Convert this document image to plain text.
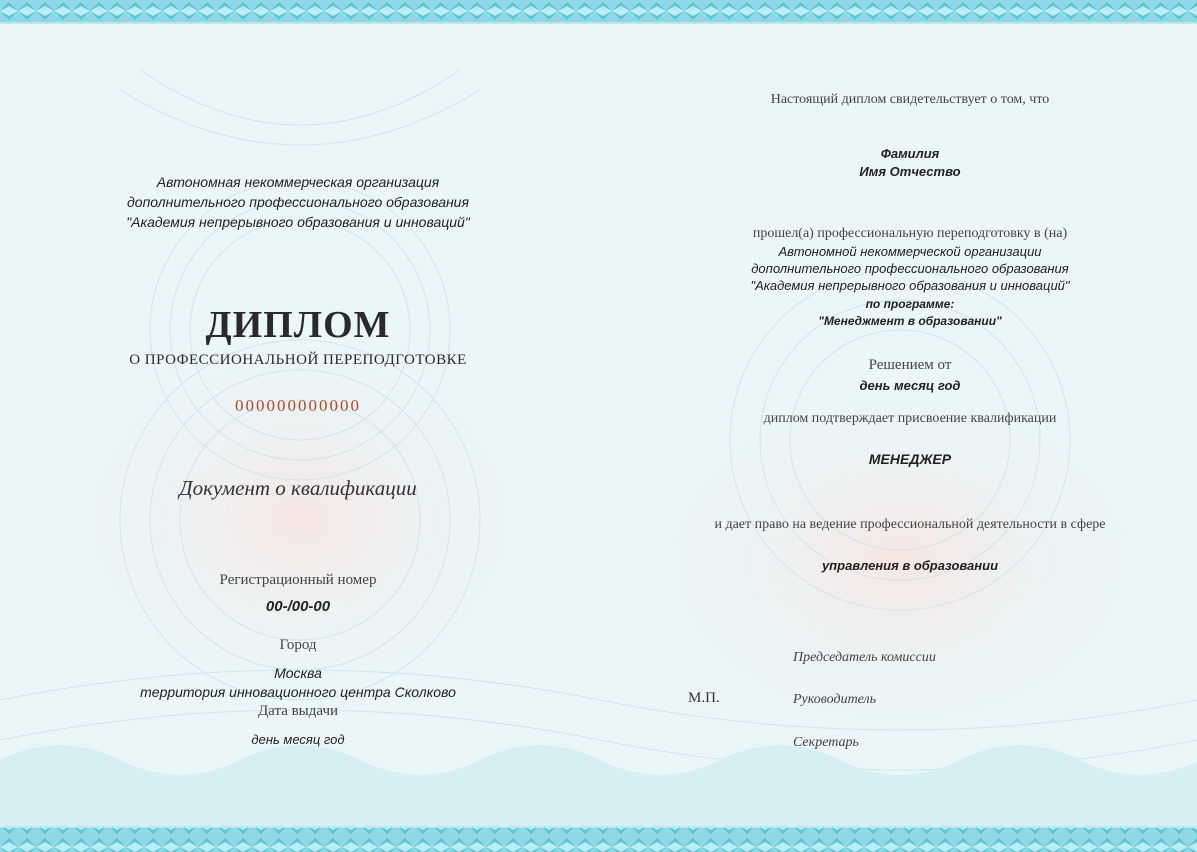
Автономная некоммерческая организация
дополнительного профессионального образования
"Академия непрерывного образования и инноваций"
ДИПЛОМ
О ПРОФЕССИОНАЛЬНОЙ ПЕРЕПОДГОТОВКЕ
000000000000
Документ о квалификации
Регистрационный номер
00-/00-00
Город
Москва
территория инновационного центра Сколково
Дата выдачи
день месяц год
Настоящий диплом свидетельствует о том, что
Фамилия
Имя Отчество
прошел(а) профессиональную переподготовку в (на)
Автономной некоммерческой организации
дополнительного профессионального образования
"Академия непрерывного образования и инноваций"
по программе:
"Менеджмент в образовании"
Решением от
день месяц год
диплом подтверждает присвоение квалификации
МЕНЕДЖЕР
и дает право на ведение профессиональной деятельности в сфере
управления в образовании
М.П.
Председатель комиссии
Руководитель
Секретарь
